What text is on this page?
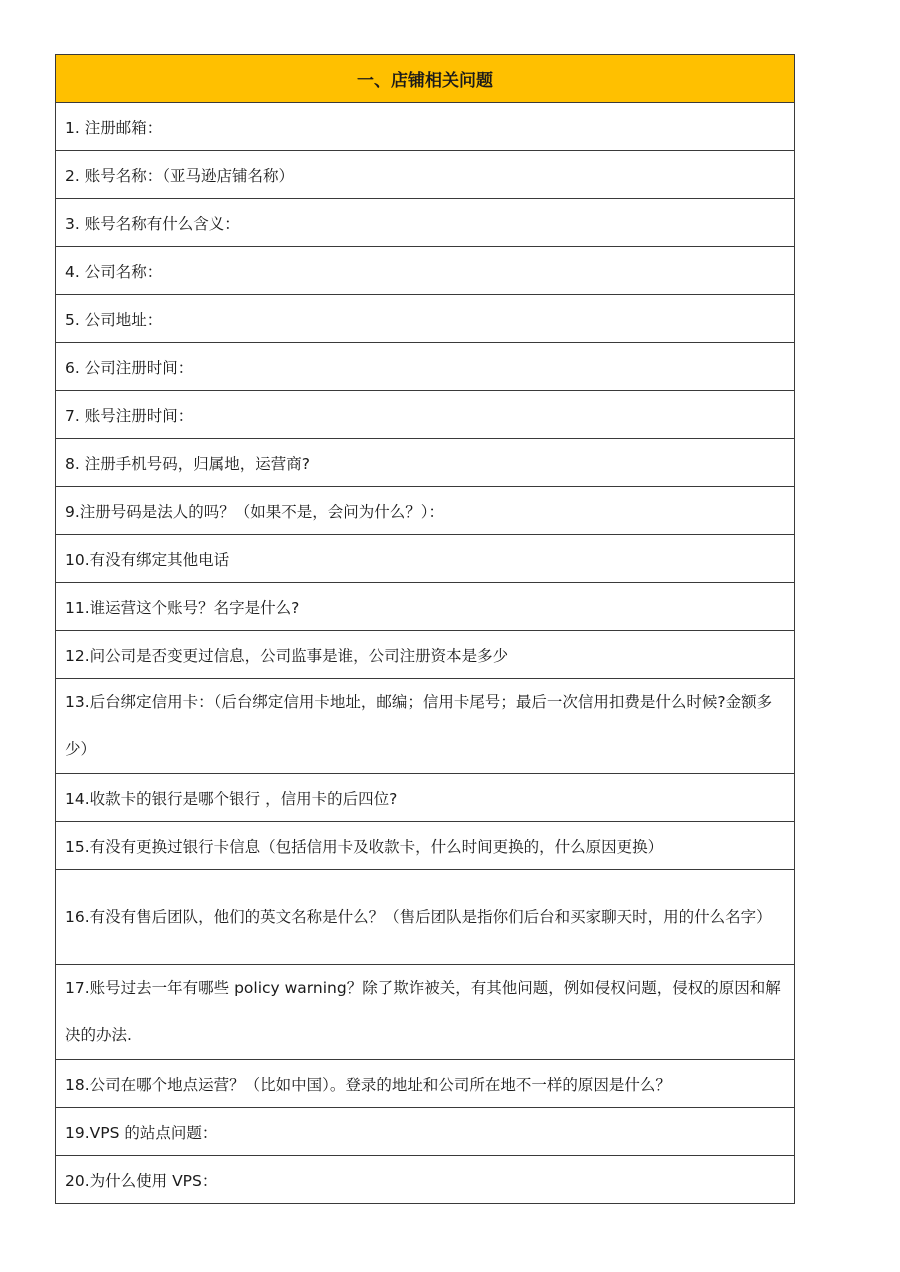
一、店铺相关问题
1. 注册邮箱：
2. 账号名称：（亚马逊店铺名称）
3. 账号名称有什么含义：
4. 公司名称：
5. 公司地址：
6. 公司注册时间：
7. 账号注册时间：
8. 注册手机号码，归属地，运营商?
9.注册号码是法人的吗？（如果不是，会问为什么？）：
10.有没有绑定其他电话
11.谁运营这个账号？名字是什么?
12.问公司是否变更过信息，公司监事是谁，公司注册资本是多少
13.后台绑定信用卡：（后台绑定信用卡地址，邮编；信用卡尾号；最后一次信用扣费是什么时候?金额多少）
14.收款卡的银行是哪个银行 ，信用卡的后四位?
15.有没有更换过银行卡信息（包括信用卡及收款卡，什么时间更换的，什么原因更换）
16.有没有售后团队，他们的英文名称是什么？（售后团队是指你们后台和买家聊天时，用的什么名字）
17.账号过去一年有哪些 policy warning？除了欺诈被关，有其他问题，例如侵权问题，侵权的原因和解决的办法.
18.公司在哪个地点运营？（比如中国）。登录的地址和公司所在地不一样的原因是什么？
19.VPS 的站点问题：
20.为什么使用 VPS：
